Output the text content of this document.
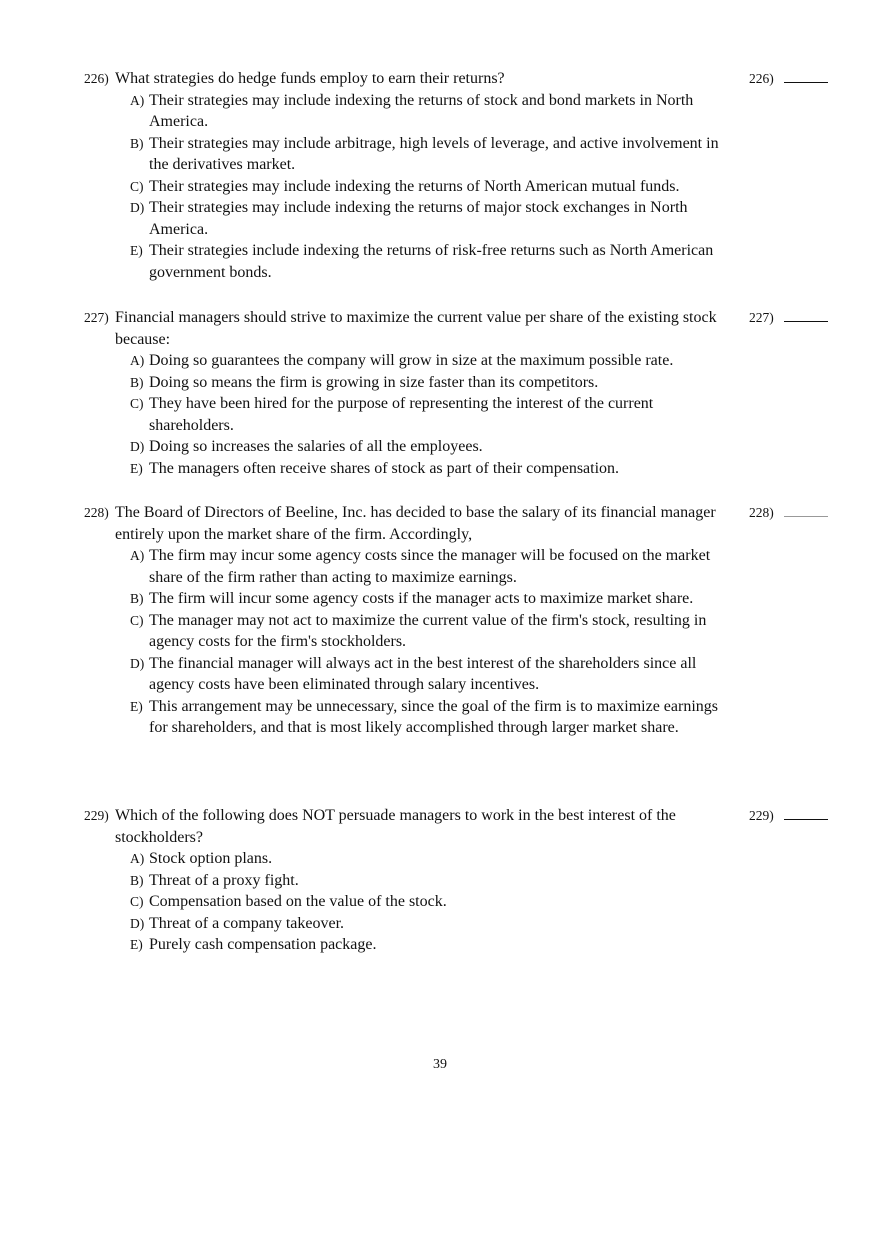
226) What strategies do hedge funds employ to earn their returns?	226)
A) Their strategies may include indexing the returns of stock and bond markets in North America.
B) Their strategies may include arbitrage, high levels of leverage, and active involvement in the derivatives market.
C) Their strategies may include indexing the returns of North American mutual funds.
D) Their strategies may include indexing the returns of major stock exchanges in North America.
E) Their strategies include indexing the returns of risk-free returns such as North American government bonds.
227) Financial managers should strive to maximize the current value per share of the existing stock because:
227)
A) Doing so guarantees the company will grow in size at the maximum possible rate.
B) Doing so means the firm is growing in size faster than its competitors.
C) They have been hired for the purpose of representing the interest of the current shareholders.
D) Doing so increases the salaries of all the employees.
E) The managers often receive shares of stock as part of their compensation.
228) The Board of Directors of Beeline, Inc. has decided to base the salary of its financial manager entirely upon the market share of the firm. Accordingly,
228)
A) The firm may incur some agency costs since the manager will be focused on the market share of the firm rather than acting to maximize earnings.
B) The firm will incur some agency costs if the manager acts to maximize market share.
C) The manager may not act to maximize the current value of the firm's stock, resulting in agency costs for the firm's stockholders.
D) The financial manager will always act in the best interest of the shareholders since all agency costs have been eliminated through salary incentives.
E) This arrangement may be unnecessary, since the goal of the firm is to maximize earnings for shareholders, and that is most likely accomplished through larger market share.
229) Which of the following does NOT persuade managers to work in the best interest of the stockholders?
229)
A) Stock option plans.
B) Threat of a proxy fight.
C) Compensation based on the value of the stock.
D) Threat of a company takeover.
E) Purely cash compensation package.
39
